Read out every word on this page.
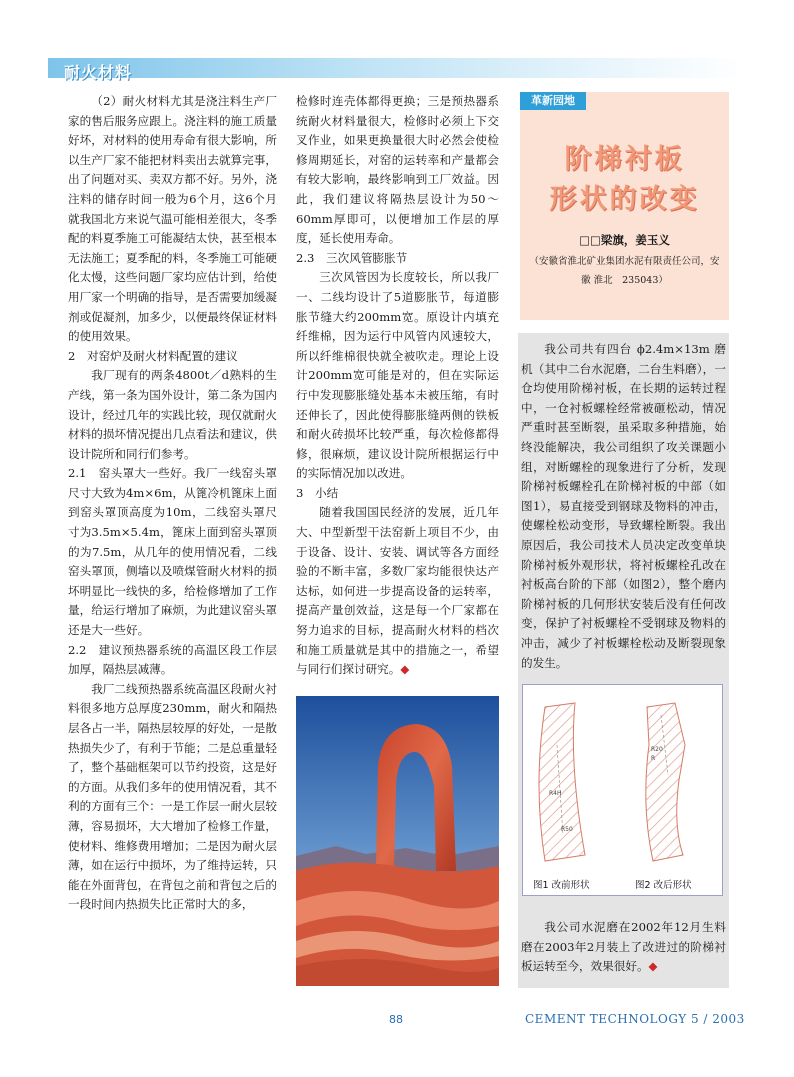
耐火材料

（2）耐火材料尤其是浇注料生产厂家的售后服务应跟上。浇注料的施工质量好坏，对材料的使用寿命有很大影响，所以生产厂家不能把材料卖出去就算完事，出了问题对买、卖双方都不好。另外，浇注料的储存时间一般为6个月，这6个月就我国北方来说气温可能相差很大，冬季配的料夏季施工可能凝结太快，甚至根本无法施工；夏季配的料，冬季施工可能硬化太慢，这些问题厂家均应估计到，给使用厂家一个明确的指导，是否需要加缓凝剂或促凝剂，加多少，以便最终保证材料的使用效果。

2　对窑炉及耐火材料配置的建议

我厂现有的两条4800t／d熟料的生产线，第一条为国外设计，第二条为国内设计，经过几年的实践比较，现仅就耐火材料的损坏情况提出几点看法和建议，供设计院所和同行们参考。

2.1　窑头罩大一些好。我厂一线窑头罩尺寸大致为4m×6m，从篦冷机篦床上面到窑头罩顶高度为10m，二线窑头罩尺寸为3.5m×5.4m，篦床上面到窑头罩顶的为7.5m，从几年的使用情况看，二线窑头罩顶，侧墙以及喷煤管耐火材料的损坏明显比一线快的多，给检修增加了工作量，给运行增加了麻烦，为此建议窑头罩还是大一些好。

2.2　建议预热器系统的高温区段工作层加厚，隔热层减薄。

我厂二线预热器系统高温区段耐火衬料很多地方总厚度230mm，耐火和隔热层各占一半，隔热层较厚的好处，一是散热损失少了，有利于节能；二是总重量轻了，整个基础框架可以节约投资，这是好的方面。从我们多年的使用情况看，其不利的方面有三个：一是工作层一耐火层较薄，容易损坏，大大增加了检修工作量，使材料、维修费用增加；二是因为耐火层薄，如在运行中损坏，为了维持运转，只能在外面背包，在背包之前和背包之后的一段时间内热损失比正常时大的多，

检修时连壳体都得更换；三是预热器系统耐火材料量很大，检修时必须上下交叉作业，如果更换量很大时必然会使检修周期延长，对窑的运转率和产量都会有较大影响，最终影响到工厂效益。因此，我们建议将隔热层设计为50～60mm厚即可，以便增加工作层的厚度，延长使用寿命。

2.3　三次风管膨胀节

三次风管因为长度较长，所以我厂一、二线均设计了5道膨胀节，每道膨胀节缝大约200mm宽。原设计内填充纤维棉，因为运行中风管内风速较大，所以纤维棉很快就全被吹走。理论上设计200mm宽可能是对的，但在实际运行中发现膨胀缝处基本未被压缩，有时还伸长了，因此使得膨胀缝两侧的铁板和耐火砖损坏比较严重，每次检修都得修，很麻烦，建议设计院所根据运行中的实际情况加以改进。

3　小结

随着我国国民经济的发展，近几年大、中型新型干法窑新上项目不少，由于设备、设计、安装、调试等各方面经验的不断丰富，多数厂家均能很快达产达标，如何进一步提高设备的运转率，提高产量创效益，这是每一个厂家都在努力追求的目标，提高耐火材料的档次和施工质量就是其中的措施之一，希望与同行们探讨研究。◆

革新园地
阶梯衬板
形状的改变
□□梁旗，姜玉义
（安徽省淮北矿业集团水泥有限责任公司，安徽 淮北　235043）

我公司共有四台 ϕ2.4m×13m 磨机（其中二台水泥磨，二台生料磨），一仓均使用阶梯衬板，在长期的运转过程中，一仓衬板螺栓经常被砸松动，情况严重时甚至断裂，虽采取多种措施，始终没能解决，我公司组织了攻关课题小组，对断螺栓的现象进行了分析，发现阶梯衬板螺栓孔在阶梯衬板的中部（如图1），易直接受到钢球及物料的冲击，使螺栓松动变形，导致螺栓断裂。我出原因后，我公司技术人员决定改变单块阶梯衬板外观形状，将衬板螺栓孔改在衬板高台阶的下部（如图2），整个磨内阶梯衬板的几何形状安装后没有任何改变，保护了衬板螺栓不受钢球及物料的冲击，减少了衬板螺栓松动及断裂现象的发生。

R4H
R50
R20
R
图1 改前形状	图2 改后形状

我公司水泥磨在2002年12月生料磨在2003年2月装上了改进过的阶梯衬板运转至今，效果很好。◆

88	CEMENT TECHNOLOGY 5 / 2003
